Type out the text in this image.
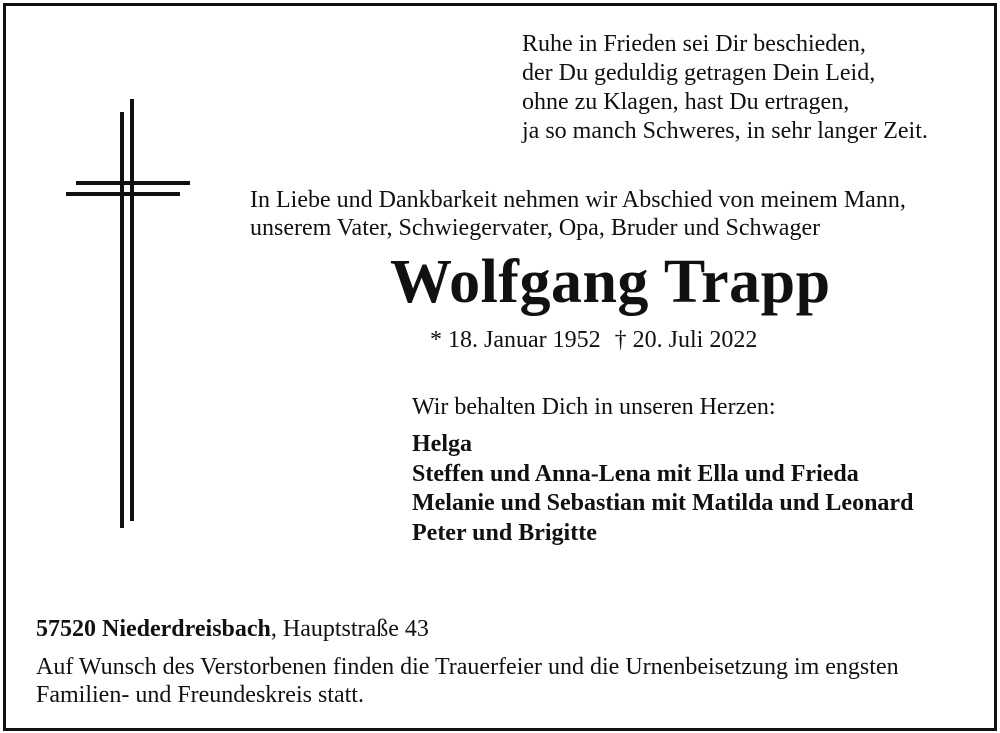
Ruhe in Frieden sei Dir beschieden,
der Du geduldig getragen Dein Leid,
ohne zu Klagen, hast Du ertragen,
ja so manch Schweres, in sehr langer Zeit.
In Liebe und Dankbarkeit nehmen wir Abschied von meinem Mann,
unserem Vater, Schwiegervater, Opa, Bruder und Schwager
Wolfgang Trapp
* 18. Januar 1952 † 20. Juli 2022
Wir behalten Dich in unseren Herzen:
Helga
Steffen und Anna-Lena mit Ella und Frieda
Melanie und Sebastian mit Matilda und Leonard
Peter und Brigitte
57520 Niederdreisbach, Hauptstraße 43
Auf Wunsch des Verstorbenen finden die Trauerfeier und die Urnenbeisetzung im engsten
Familien- und Freundeskreis statt.
